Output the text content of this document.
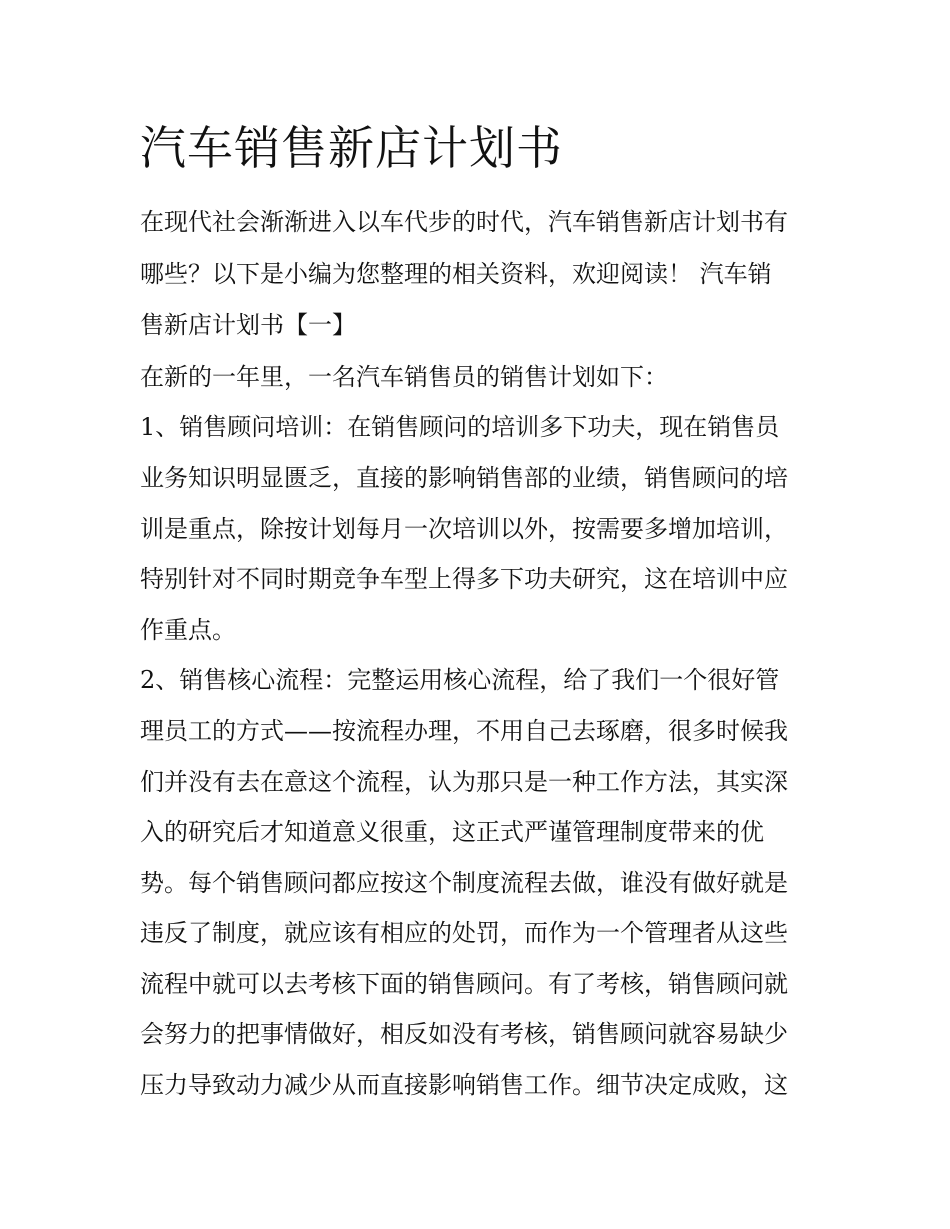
汽车销售新店计划书

在现代社会渐渐进入以车代步的时代，汽车销售新店计划书有

哪些？以下是小编为您整理的相关资料，欢迎阅读！ 汽车销

售新店计划书【一】

在新的一年里，一名汽车销售员的销售计划如下：

1、销售顾问培训：在销售顾问的培训多下功夫，现在销售员

业务知识明显匮乏，直接的影响销售部的业绩，销售顾问的培

训是重点，除按计划每月一次培训以外，按需要多增加培训，

特别针对不同时期竞争车型上得多下功夫研究，这在培训中应

作重点。

2、销售核心流程：完整运用核心流程，给了我们一个很好管

理员工的方式——按流程办理，不用自己去琢磨，很多时候我

们并没有去在意这个流程，认为那只是一种工作方法，其实深

入的研究后才知道意义很重，这正式严谨管理制度带来的优

势。每个销售顾问都应按这个制度流程去做，谁没有做好就是

违反了制度，就应该有相应的处罚，而作为一个管理者从这些

流程中就可以去考核下面的销售顾问。有了考核，销售顾问就

会努力的把事情做好，相反如没有考核，销售顾问就容易缺少

压力导致动力减少从而直接影响销售工作。细节决定成败，这
